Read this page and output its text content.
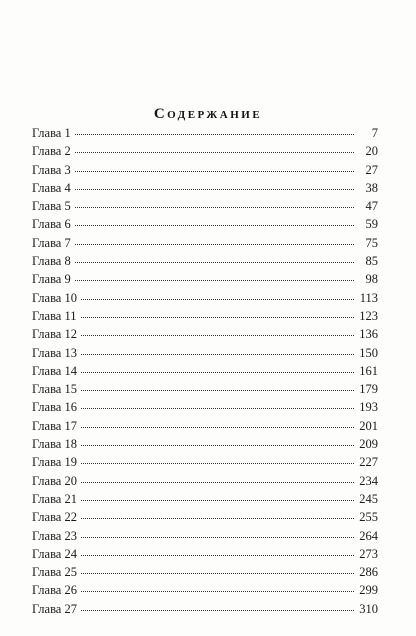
Содержание
Глава 1	7
Глава 2	20
Глава 3	27
Глава 4	38
Глава 5	47
Глава 6	59
Глава 7	75
Глава 8	85
Глава 9	98
Глава 10	113
Глава 11	123
Глава 12	136
Глава 13	150
Глава 14	161
Глава 15	179
Глава 16	193
Глава 17	201
Глава 18	209
Глава 19	227
Глава 20	234
Глава 21	245
Глава 22	255
Глава 23	264
Глава 24	273
Глава 25	286
Глава 26	299
Глава 27	310
